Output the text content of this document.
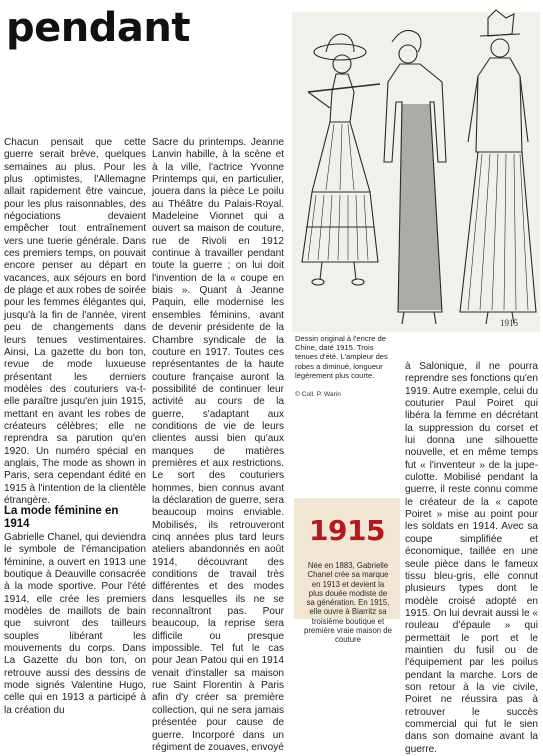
pendant

Chacun pensait que cette guerre serait brève, quelques semaines au plus. Pour les plus optimistes, l'Allemagne allait rapidement être vaincue, pour les plus raisonnables, des négociations devaient empêcher tout entraînement vers une tuerie générale. Dans ces premiers temps, on pouvait encore penser au départ en vacances, aux séjours en bord de plage et aux robes de soirée pour les femmes élégantes qui, jusqu'à la fin de l'année, virent peu de changements dans leurs tenues vestimentaires. Ainsi, La gazette du bon ton, revue de mode luxueuse présentant les derniers modèles des couturiers va-t-elle paraître jusqu'en juin 1915, mettant en avant les robes de créateurs célèbres; elle ne reprendra sa parution qu'en 1920. Un numéro spécial en anglais, The mode as shown in Paris, sera cependant édité en 1915 à l'intention de la clientèle étrangère.

La mode féminine en 1914

Gabrielle Chanel, qui deviendra le symbole de l'émancipation féminine, a ouvert en 1913 une boutique à Deauville consacrée à la mode sportive. Pour l'été 1914, elle crée les premiers modèles de maillots de bain que suivront des tailleurs souples libérant les mouvements du corps. Dans La Gazette du bon ton, on retrouve aussi des dessins de mode signés Valentine Hugo, celle qui en 1913 a participé à la création du

Sacre du printemps. Jeanne Lanvin habille, à la scène et à la ville, l'actrice Yvonne Printemps qui, en particulier, jouera dans la pièce Le poilu au Théâtre du Palais-Royal. Madeleine Vionnet qui a ouvert sa maison de couture, rue de Rivoli en 1912 continue à travailler pendant toute la guerre ; on lui doit l'invention de la « coupe en biais ». Quant à Jeanne Paquin, elle modernise les ensembles féminins, avant de devenir présidente de la Chambre syndicale de la couture en 1917. Toutes ces représentantes de la haute couture française auront la possibilité de continuer leur activité au cours de la guerre, s'adaptant aux conditions de vie de leurs clientes aussi bien qu'aux manques de matières premières et aux restrictions. Le sort des couturiers hommes, bien connus avant la déclaration de guerre, sera beaucoup moins enviable. Mobilisés, ils retrouveront cinq années plus tard leurs ateliers abandonnés en août 1914, découvrant des conditions de travail très différentes et des modes dans lesquelles ils ne se reconnaîtront pas. Pour beaucoup, la reprise sera difficile ou presque impossible. Tel fut le cas pour Jean Patou qui en 1914 venait d'installer sa maison rue Saint Florentin à Paris afin d'y créer sa première collection, qui ne sera jamais présentée pour cause de guerre. Incorporé dans un régiment de zouaves, envoyé

1915
Dessin original à l'encre de Chine, daté 1915. Trois tenues d'été. L'ampleur des robes a diminué, longueur légèrement plus courte.
© Coll. P. Warin
1915
Née en 1883, Gabrielle Chanel crée sa marque en 1913 et devient la plus douée modiste de sa génération. En 1915, elle ouvre à Biarritz sa troisième boutique et première vraie maison de couture

à Salonique, il ne pourra reprendre ses fonctions qu'en 1919. Autre exemple, celui du couturier Paul Poiret qui libéra la femme en décrétant la suppression du corset et lui donna une silhouette nouvelle, et en même temps fut « l'inventeur » de la jupe-culotte. Mobilisé pendant la guerre, il reste connu comme le créateur de la « capote Poiret » mise au point pour les soldats en 1914. Avec sa coupe simplifiée et économique, taillée en une seule pièce dans le fameux tissu bleu-gris, elle connut plusieurs types dont le modèle croisé adopté en 1915. On lui devrait aussi le « rouleau d'épaule » qui permettait le port et le maintien du fusil ou de l'équipement par les poilus pendant la marche. Lors de son retour à la vie civile, Poiret ne réussira pas à retrouver le succès commercial qui fut le sien dans son domaine avant la guerre.
